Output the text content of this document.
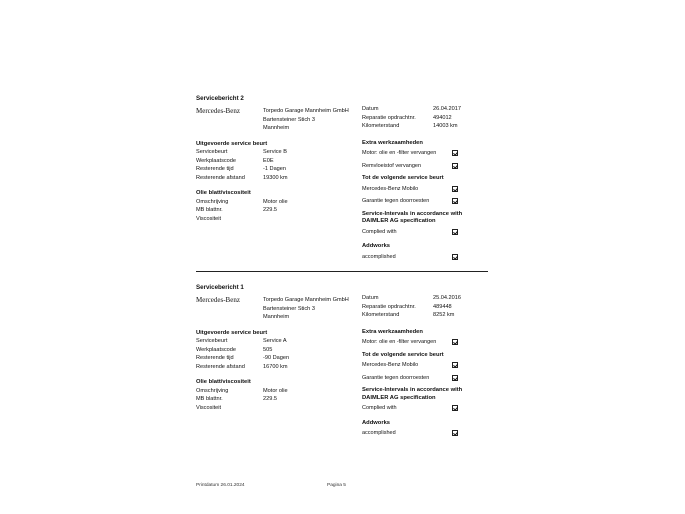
Servicebericht 2
Mercedes-Benz	Torpedo Garage Mannheim GmbH
Bartensteiner Stich 3
Mannheim
Uitgevoerde service beurt
Servicebeurt	Service B
Werkplaatscode	E0E
Resterende tijd	-1 Dagen
Resterende afstand	19300 km
Olie blatt/viscositeit
Omschrijving	Motor olie
MB blattnr.	229.5
Viscositeit
Datum	26.04.2017
Reparatie opdrachtnr.	494012
Kilometerstand	14003 km
Extra werkzaamheden
Motor: olie en -filter vervangen
Remvloeistof vervangen
Tot de volgende service beurt
Mercedes-Benz Mobilo
Garantie tegen doorroesten
Service-Intervals in accordance with DAIMLER AG specification
Complied with
Addworks
accomplished
Servicebericht 1
Mercedes-Benz	Torpedo Garage Mannheim GmbH
Bartensteiner Stich 3
Mannheim
Uitgevoerde service beurt
Servicebeurt	Service A
Werkplaatscode	505
Resterende tijd	-90 Dagen
Resterende afstand	16700 km
Olie blatt/viscositeit
Omschrijving	Motor olie
MB blattnr.	229.5
Viscositeit
Datum	25.04.2016
Reparatie opdrachtnr.	489448
Kilometerstand	8252 km
Extra werkzaamheden
Motor: olie en -filter vervangen
Tot de volgende service beurt
Mercedes-Benz Mobilo
Garantie tegen doorroesten
Service-Intervals in accordance with DAIMLER AG specification
Complied with
Addworks
accomplished
Printdatum 26.01.2024	Pagina 5
